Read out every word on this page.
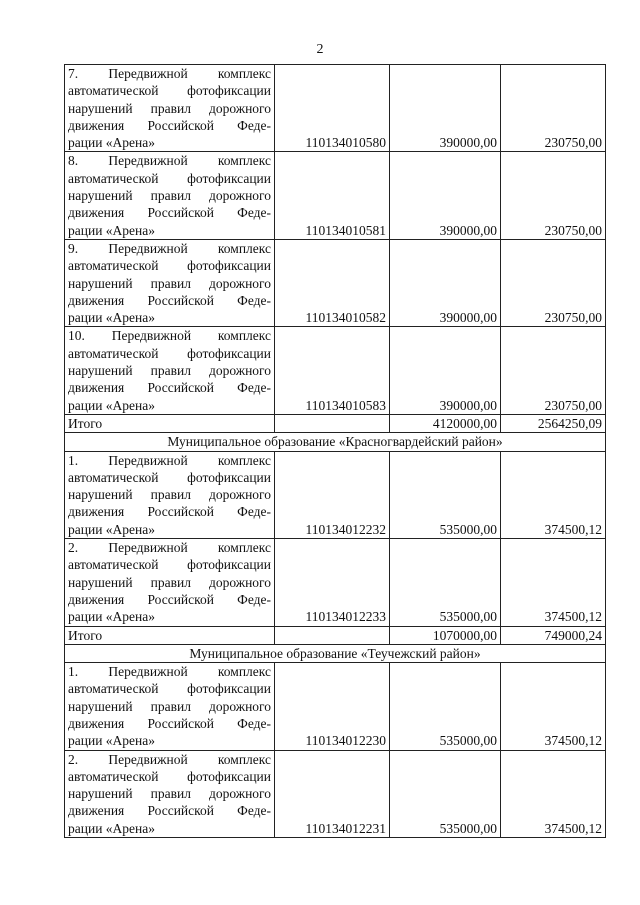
2
7. Передвижной комплекс
автоматической фотофиксации
нарушений правил дорожного
движения Российской Феде-
рации «Арена»	110134010580	390000,00	230750,00

8. Передвижной комплекс
автоматической фотофиксации
нарушений правил дорожного
движения Российской Феде-
рации «Арена»	110134010581	390000,00	230750,00

9. Передвижной комплекс
автоматической фотофиксации
нарушений правил дорожного
движения Российской Феде-
рации «Арена»	110134010582	390000,00	230750,00

10. Передвижной комплекс
автоматической фотофиксации
нарушений правил дорожного
движения Российской Феде-
рации «Арена»	110134010583	390000,00	230750,00
Итого		4120000,00	2564250,09
Муниципальное образование «Красногвардейский район»			

1. Передвижной комплекс
автоматической фотофиксации
нарушений правил дорожного
движения Российской Феде-
рации «Арена»	110134012232	535000,00	374500,12

2. Передвижной комплекс
автоматической фотофиксации
нарушений правил дорожного
движения Российской Феде-
рации «Арена»	110134012233	535000,00	374500,12
Итого		1070000,00	749000,24
Муниципальное образование «Теучежский район»			

1. Передвижной комплекс
автоматической фотофиксации
нарушений правил дорожного
движения Российской Феде-
рации «Арена»	110134012230	535000,00	374500,12

2. Передвижной комплекс
автоматической фотофиксации
нарушений правил дорожного
движения Российской Феде-
рации «Арена»	110134012231	535000,00	374500,12
